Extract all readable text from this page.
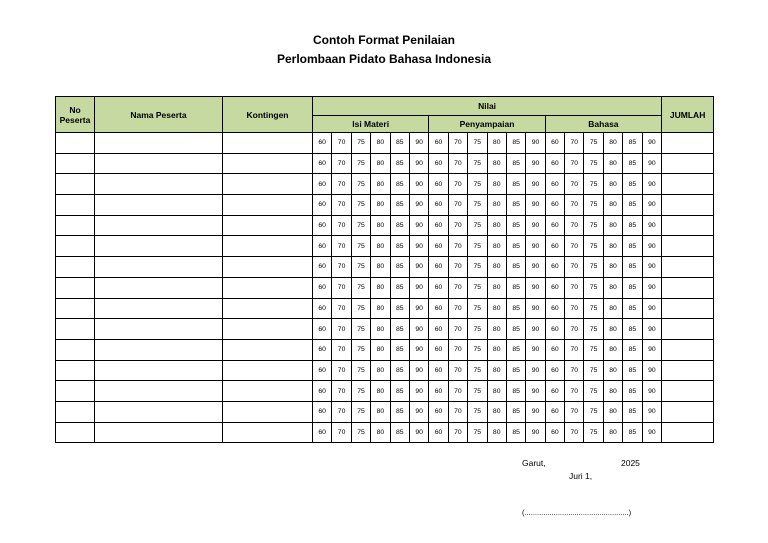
Contoh Format Penilaian
Perlombaan Pidato Bahasa Indonesia
No
Peserta	Nama Peserta	Kontingen	Nilai																		JUMLAH
			Isi Materi						Penyampaian						Bahasa						
			60	70	75	80	85	90	60	70	75	80	85	90	60	70	75	80	85	90	
			60	70	75	80	85	90	60	70	75	80	85	90	60	70	75	80	85	90	
			60	70	75	80	85	90	60	70	75	80	85	90	60	70	75	80	85	90	
			60	70	75	80	85	90	60	70	75	80	85	90	60	70	75	80	85	90	
			60	70	75	80	85	90	60	70	75	80	85	90	60	70	75	80	85	90	
			60	70	75	80	85	90	60	70	75	80	85	90	60	70	75	80	85	90	
			60	70	75	80	85	90	60	70	75	80	85	90	60	70	75	80	85	90	
			60	70	75	80	85	90	60	70	75	80	85	90	60	70	75	80	85	90	
			60	70	75	80	85	90	60	70	75	80	85	90	60	70	75	80	85	90	
			60	70	75	80	85	90	60	70	75	80	85	90	60	70	75	80	85	90	
			60	70	75	80	85	90	60	70	75	80	85	90	60	70	75	80	85	90	
			60	70	75	80	85	90	60	70	75	80	85	90	60	70	75	80	85	90	
			60	70	75	80	85	90	60	70	75	80	85	90	60	70	75	80	85	90	
			60	70	75	80	85	90	60	70	75	80	85	90	60	70	75	80	85	90	
			60	70	75	80	85	90	60	70	75	80	85	90	60	70	75	80	85	90	
Garut,	2025
Juri 1,
(..................................................)
